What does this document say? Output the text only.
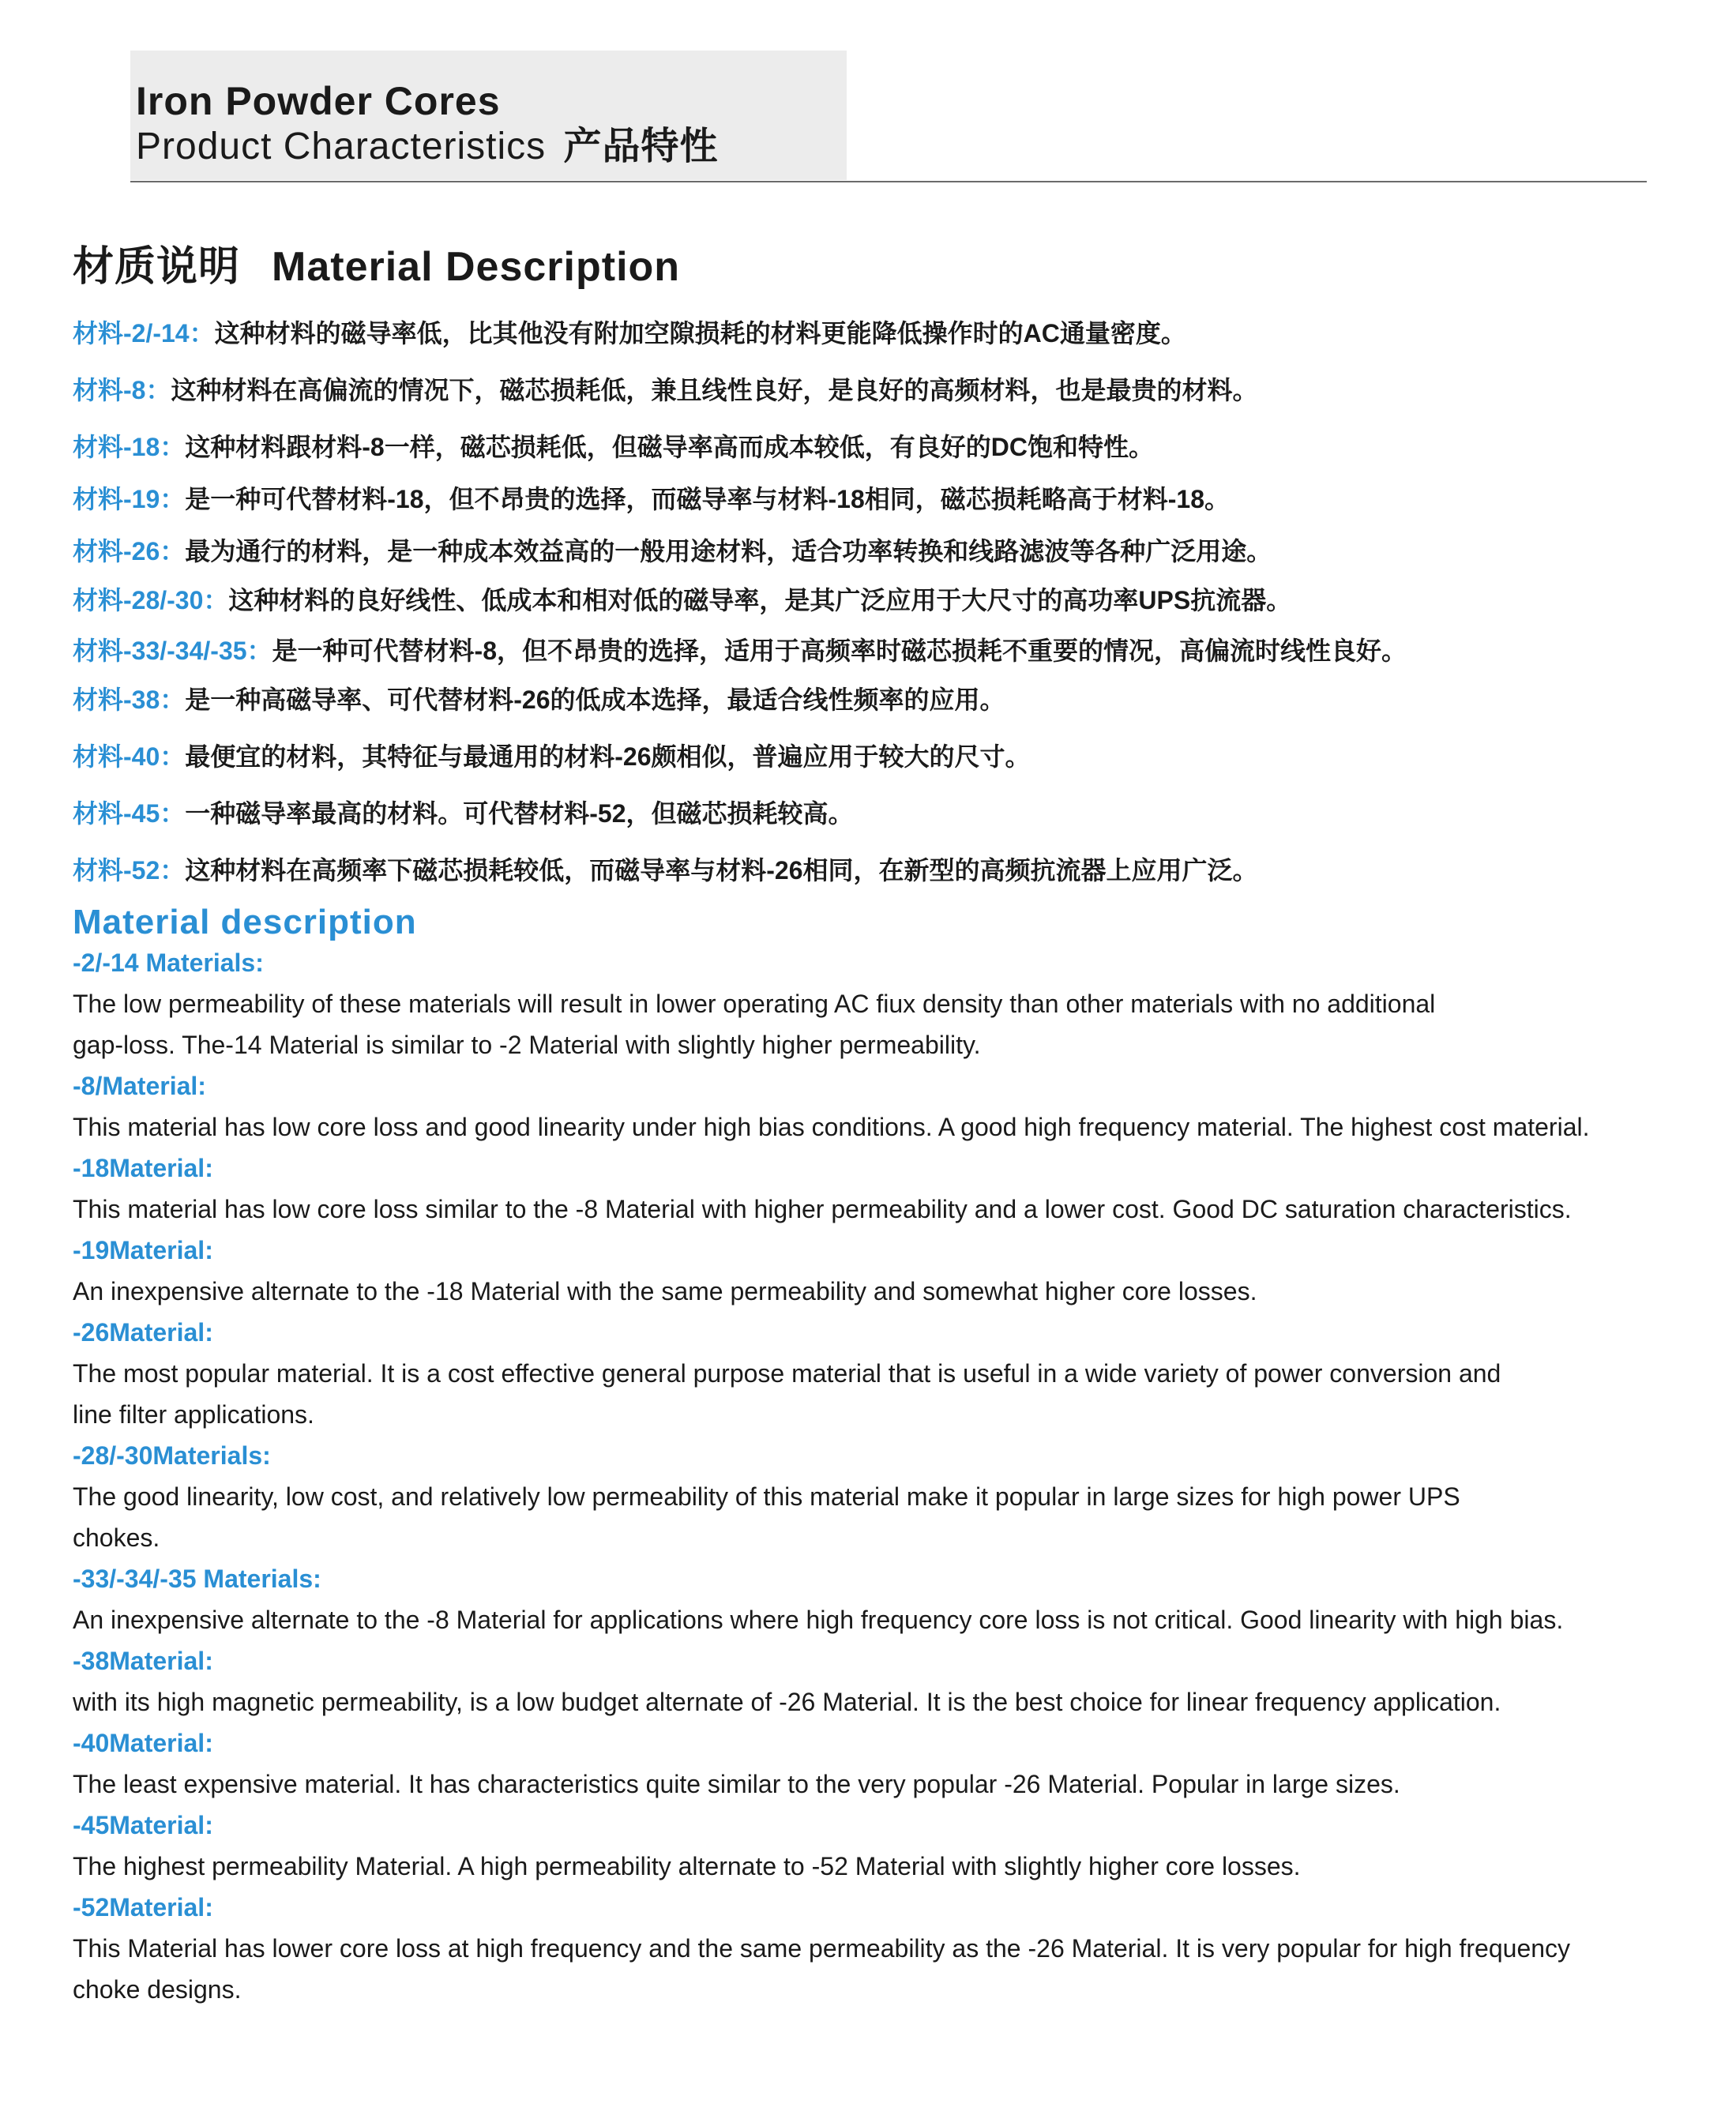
Iron Powder Cores
Product Characteristics 产品特性
材质说明 Material Description
材料-2/-14：这种材料的磁导率低，比其他没有附加空隙损耗的材料更能降低操作时的AC通量密度。
材料-8：这种材料在高偏流的情况下，磁芯损耗低，兼且线性良好，是良好的高频材料，也是最贵的材料。
材料-18：这种材料跟材料-8一样，磁芯损耗低，但磁导率高而成本较低，有良好的DC饱和特性。
材料-19：是一种可代替材料-18，但不昂贵的选择，而磁导率与材料-18相同，磁芯损耗略高于材料-18。
材料-26：最为通行的材料，是一种成本效益高的一般用途材料，适合功率转换和线路滤波等各种广泛用途。
材料-28/-30：这种材料的良好线性、低成本和相对低的磁导率，是其广泛应用于大尺寸的高功率UPS抗流器。
材料-33/-34/-35：是一种可代替材料-8，但不昂贵的选择，适用于高频率时磁芯损耗不重要的情况，高偏流时线性良好。
材料-38：是一种高磁导率、可代替材料-26的低成本选择，最适合线性频率的应用。
材料-40：最便宜的材料，其特征与最通用的材料-26颇相似，普遍应用于较大的尺寸。
材料-45：一种磁导率最高的材料。可代替材料-52，但磁芯损耗较高。
材料-52：这种材料在高频率下磁芯损耗较低，而磁导率与材料-26相同，在新型的高频抗流器上应用广泛。
Material description
-2/-14 Materials:
The low permeability of these materials will result in lower operating AC fiux density than other materials with no additional
gap-loss. The-14 Material is similar to -2 Material with slightly higher permeability.
-8/Material:
This material has low core loss and good linearity under high bias conditions. A good high frequency material. The highest cost material.
-18Material:
This material has low core loss similar to the -8 Material with higher permeability and a lower cost. Good DC saturation characteristics.
-19Material:
An inexpensive alternate to the -18 Material with the same permeability and somewhat higher core losses.
-26Material:
The most popular material. It is a cost effective general purpose material that is useful in a wide variety of power conversion and
line filter applications.
-28/-30Materials:
The good linearity, low cost, and relatively low permeability of this material make it popular in large sizes for high power UPS
chokes.
-33/-34/-35 Materials:
An inexpensive alternate to the -8 Material for applications where high frequency core loss is not critical. Good linearity with high bias.
-38Material:
with its high magnetic permeability, is a low budget alternate of -26 Material. It is the best choice for linear frequency application.
-40Material:
The least expensive material. It has characteristics quite similar to the very popular -26 Material. Popular in large sizes.
-45Material:
The highest permeability Material. A high permeability alternate to -52 Material with slightly higher core losses.
-52Material:
This Material has lower core loss at high frequency and the same permeability as the -26 Material. It is very popular for high frequency
choke designs.
